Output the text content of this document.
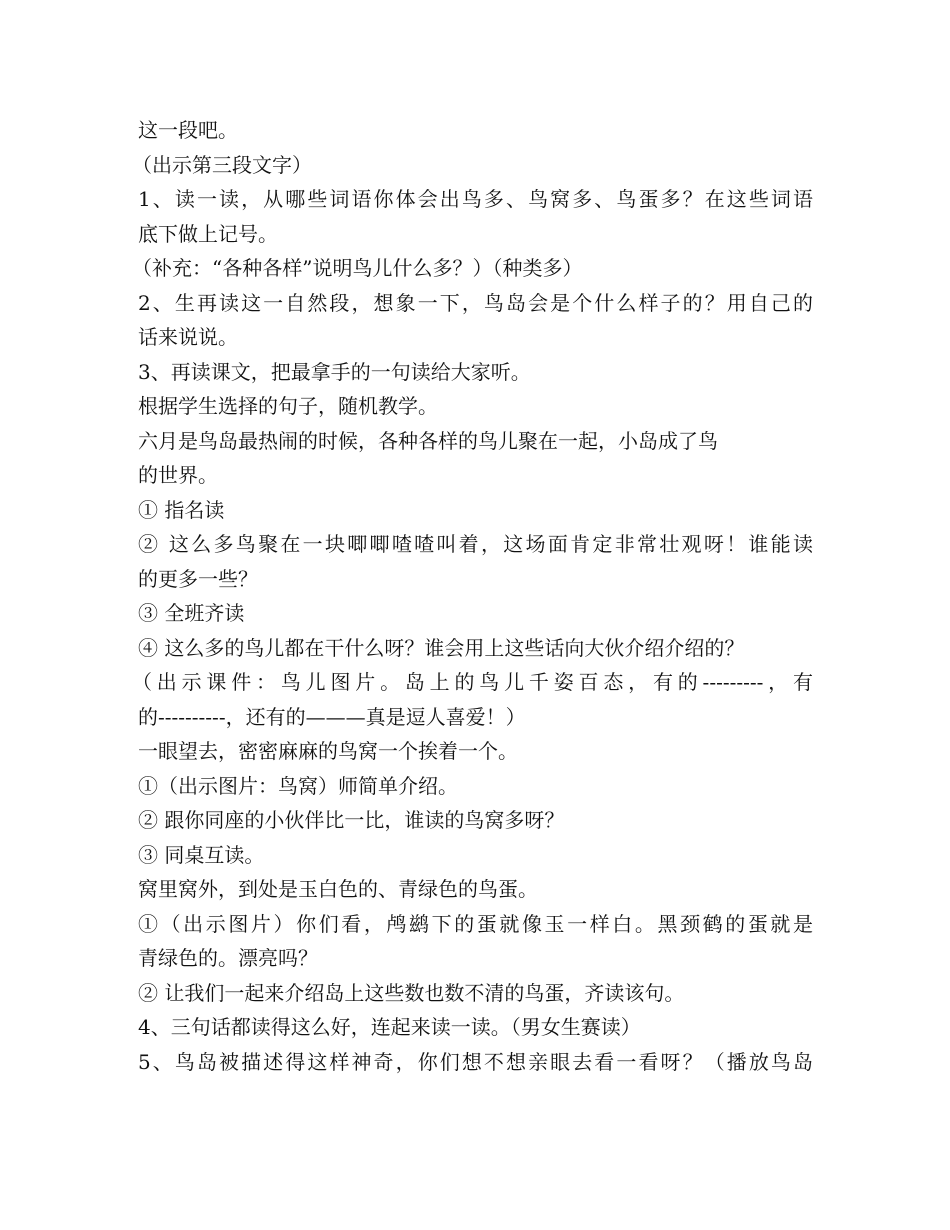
这一段吧。
（出示第三段文字）
1、读一读，从哪些词语你体会出鸟多、鸟窝多、鸟蛋多？在这些词语
底下做上记号。
（补充：“各种各样”说明鸟儿什么多？）（种类多）
2、生再读这一自然段，想象一下，鸟岛会是个什么样子的？用自己的
话来说说。
3、再读课文，把最拿手的一句读给大家听。
根据学生选择的句子，随机教学。
六月是鸟岛最热闹的时候，各种各样的鸟儿聚在一起，小岛成了鸟
的世界。
① 指名读
② 这么多鸟聚在一块唧唧喳喳叫着，这场面肯定非常壮观呀！谁能读
的更多一些？
③ 全班齐读
④ 这么多的鸟儿都在干什么呀？谁会用上这些话向大伙介绍介绍的？
（出示课件：鸟儿图片。岛上的鸟儿千姿百态，有的---------，有
的----------，还有的———真是逗人喜爱！）
一眼望去，密密麻麻的鸟窝一个挨着一个。
①（出示图片：鸟窝）师简单介绍。
② 跟你同座的小伙伴比一比，谁读的鸟窝多呀？
③ 同桌互读。
窝里窝外，到处是玉白色的、青绿色的鸟蛋。
①（出示图片）你们看，鸬鹚下的蛋就像玉一样白。黑颈鹤的蛋就是
青绿色的。漂亮吗？
② 让我们一起来介绍岛上这些数也数不清的鸟蛋，齐读该句。
4、三句话都读得这么好，连起来读一读。（男女生赛读）
5、鸟岛被描述得这样神奇，你们想不想亲眼去看一看呀？（播放鸟岛
